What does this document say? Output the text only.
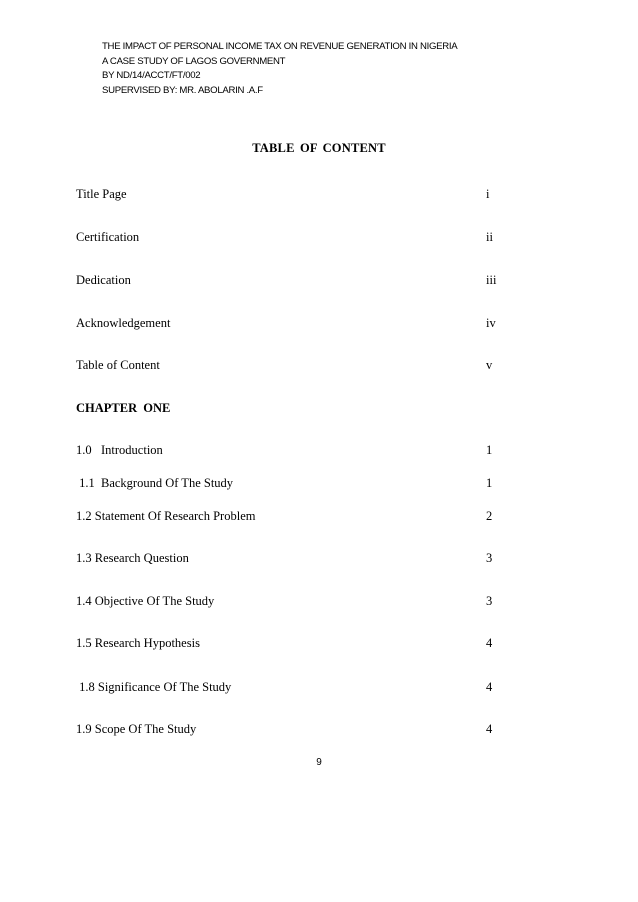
THE IMPACT OF PERSONAL INCOME TAX ON REVENUE GENERATION IN NIGERIA
A CASE STUDY OF LAGOS GOVERNMENT
BY ND/14/ACCT/FT/002
SUPERVISED BY: MR. ABOLARIN .A.F
TABLE OF CONTENT
Title Page	i
Certification	ii
Dedication	iii
Acknowledgement	iv
Table of Content	v
CHAPTER ONE
1.0   Introduction	1
1.1  Background Of The Study	1
1.2 Statement Of Research Problem	2
1.3 Research Question	3
1.4 Objective Of The Study	3
1.5 Research Hypothesis	4
1.8 Significance Of The Study	4
1.9 Scope Of The Study	4
9
